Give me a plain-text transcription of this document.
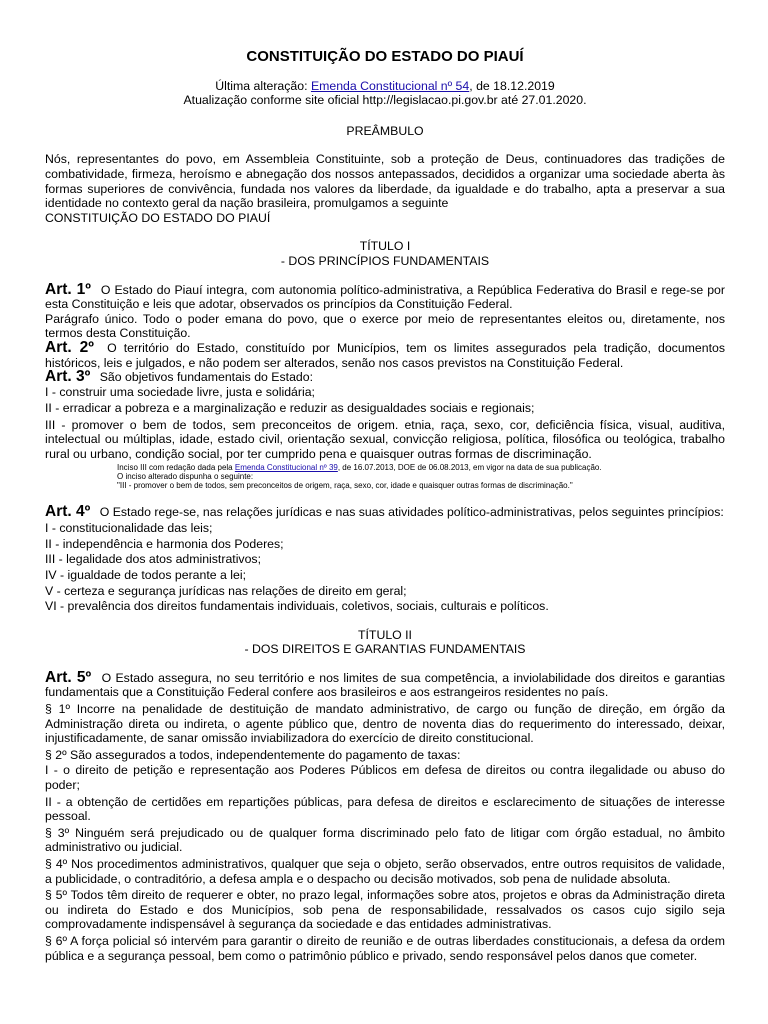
CONSTITUIÇÃO DO ESTADO DO PIAUÍ
Última alteração: Emenda Constitucional nº 54, de 18.12.2019
Atualização conforme site oficial http://legislacao.pi.gov.br até 27.01.2020.
PREÂMBULO

Nós, representantes do povo, em Assembleia Constituinte, sob a proteção de Deus, continuadores das tradições de combatividade, firmeza, heroísmo e abnegação dos nossos antepassados, decididos a organizar uma sociedade aberta às formas superiores de convivência, fundada nos valores da liberdade, da igualdade e do trabalho, apta a preservar a sua identidade no contexto geral da nação brasileira, promulgamos a seguinte

CONSTITUIÇÃO DO ESTADO DO PIAUÍ
TÍTULO I
- DOS PRINCÍPIOS FUNDAMENTAIS

Art. 1º O Estado do Piauí integra, com autonomia político-administrativa, a República Federativa do Brasil e rege-se por esta Constituição e leis que adotar, observados os princípios da Constituição Federal.

Parágrafo único. Todo o poder emana do povo, que o exerce por meio de representantes eleitos ou, diretamente, nos termos desta Constituição.

Art. 2º O território do Estado, constituído por Municípios, tem os limites assegurados pela tradição, documentos históricos, leis e julgados, e não podem ser alterados, senão nos casos previstos na Constituição Federal.

Art. 3º São objetivos fundamentais do Estado:

I - construir uma sociedade livre, justa e solidária;
II - erradicar a pobreza e a marginalização e reduzir as desigualdades sociais e regionais;

III - promover o bem de todos, sem preconceitos de origem. etnia, raça, sexo, cor, deficiência física, visual, auditiva, intelectual ou múltiplas, idade, estado civil, orientação sexual, convicção religiosa, política, filosófica ou teológica, trabalho rural ou urbano, condição social, por ter cumprido pena e quaisquer outras formas de discriminação.

Inciso III com redação dada pela Emenda Constitucional nº 39, de 16.07.2013, DOE de 06.08.2013, em vigor na data de sua publicação.
O inciso alterado dispunha o seguinte:
"III - promover o bem de todos, sem preconceitos de origem, raça, sexo, cor, idade e quaisquer outras formas de discriminação."

Art. 4º O Estado rege-se, nas relações jurídicas e nas suas atividades político-administrativas, pelos seguintes princípios:

I - constitucionalidade das leis;
II - independência e harmonia dos Poderes;
III - legalidade dos atos administrativos;
IV - igualdade de todos perante a lei;
V - certeza e segurança jurídicas nas relações de direito em geral;
VI - prevalência dos direitos fundamentais individuais, coletivos, sociais, culturais e políticos.
TÍTULO II
- DOS DIREITOS E GARANTIAS FUNDAMENTAIS

Art. 5º O Estado assegura, no seu território e nos limites de sua competência, a inviolabilidade dos direitos e garantias fundamentais que a Constituição Federal confere aos brasileiros e aos estrangeiros residentes no país.

§ 1º Incorre na penalidade de destituição de mandato administrativo, de cargo ou função de direção, em órgão da Administração direta ou indireta, o agente público que, dentro de noventa dias do requerimento do interessado, deixar, injustificadamente, de sanar omissão inviabilizadora do exercício de direito constitucional.

§ 2º São assegurados a todos, independentemente do pagamento de taxas:

I - o direito de petição e representação aos Poderes Públicos em defesa de direitos ou contra ilegalidade ou abuso do poder;

II - a obtenção de certidões em repartições públicas, para defesa de direitos e esclarecimento de situações de interesse pessoal.

§ 3º Ninguém será prejudicado ou de qualquer forma discriminado pelo fato de litigar com órgão estadual, no âmbito administrativo ou judicial.

§ 4º Nos procedimentos administrativos, qualquer que seja o objeto, serão observados, entre outros requisitos de validade, a publicidade, o contraditório, a defesa ampla e o despacho ou decisão motivados, sob pena de nulidade absoluta.

§ 5º Todos têm direito de requerer e obter, no prazo legal, informações sobre atos, projetos e obras da Administração direta ou indireta do Estado e dos Municípios, sob pena de responsabilidade, ressalvados os casos cujo sigilo seja comprovadamente indispensável à segurança da sociedade e das entidades administrativas.

§ 6º A força policial só intervém para garantir o direito de reunião e de outras liberdades constitucionais, a defesa da ordem pública e a segurança pessoal, bem como o patrimônio público e privado, sendo responsável pelos danos que cometer.
